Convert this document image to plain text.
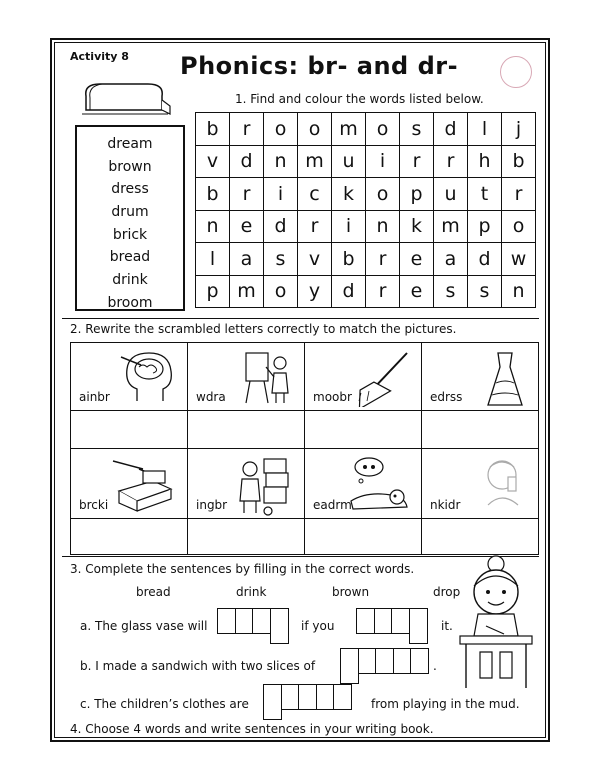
Activity 8 Phonics: br- and dr-
1. Find and colour the words listed below.
dream
brown
dress
drum
brick
bread
drink
broom
b	r	o	o	m	o	s	d	l	j
v	d	n	m	u	i	r	r	h	b
b	r	i	c	k	o	p	u	t	r
n	e	d	r	i	n	k	m	p	o
l	a	s	v	b	r	e	a	d	w
p	m	o	y	d	r	e	s	s	n
2. Rewrite the scrambled letters correctly to match the pictures.
ainbr	wdra	moobr	edrss

brcki	ingbr	eadrm	nkidr

3. Complete the sentences by filling in the correct words.
bread	drink	brown	drop
a. The glass vase will	if you	it.
b. I made a sandwich with two slices of	.
c. The children’s clothes are	from playing in the mud.
4. Choose 4 words and write sentences in your writing book.
